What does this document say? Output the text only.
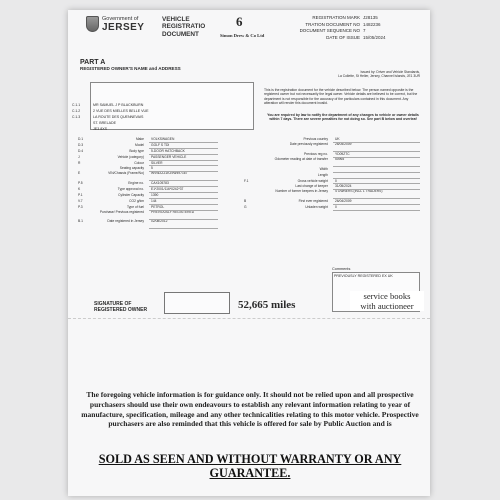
Government of
JERSEY
VEHICLE
REGISTRATIO
DOCUMENT
6
Simon Drew & Co Ltd
REGISTRATION MARK J28135
TRATION DOCUMENT NO 1482236
DOCUMENT SEQUENCE NO 7
DATE OF ISSUE 15/05/2024
PART A
REGISTERED OWNER'S NAME and ADDRESS
Issued by: Driver and Vehicle Standards,
La Collette, St Helier, Jersey, Channel Islands, JE1 3UR
C.1.1
C.1.2
C.1.3
MR SAMUEL J P BLACKBURN
2 VUE DES MIELLES BELLE VUE
LA ROUTE DES QUENNEVAIS
ST. BRELADE
JE3 8XS
This is the registration document for the vehicle described below. The person named opposite is the registered owner but not necessarily the legal owner. Vehicle details are believed to be correct, but the department is not responsible for the accuracy of the particulars contained in this document. Any alteration will render this document invalid.
You are required by law to notify the department of any changes to vehicle or owner details within 7 days. There are severe penalties for not doing so. See part B below and overleaf
D.1	Make	VOLKSWAGEN
D.3	Model	GOLF S TDI
D.4	Body type	5-DOOR HATCHBACK
J	Vehicle (category)	PASSENGER VEHICLE
R	Colour	SILVER
Seating capacity	5
E	VIN/Chassis (Frame/No)	WVWZZZ1KZ9W497167
P.5	Engine no.	CAX105783
K	Type approval no.	E1*2001/116*0242*37
P.1	Cylinder Capacity	1390
V.7	CO2 g/km	144
P.3	Type of fuel	PETROL
Purchase/ Previous registered	PREVIOUSLY REGISTERED
B.1	Date registered in Jersey	02/08/2012
Previous country	UK
Date previously registered	26/04/2009
Previous reg no.	YD09ZTC
Odometer reading at date of transfer	50965
Width
Length
F.1	Gross vehicle weight	0
Last change of keeper	31/05/2024
Number of former keepers in Jersey	4 OWNERS (INCL 1 TRADERS)
B	First ever registered	26/04/2009
G	Unladen weight	0
Comments
PREVIOUSLY REGISTERED EX UK
SIGNATURE OF
REGISTERED OWNER	52,665 miles
service books
with auctioneer
The foregoing vehicle information is for guidance only. It should not be relied upon and all prospective purchasers should use their own endeavours to establish any relevant information relating to year of manufacture, specification, mileage and any other technicalities relating to this motor vehicle. Prospective purchasers are also reminded that this vehicle is offered for sale by Public Auction and is
SOLD AS SEEN AND WITHOUT WARRANTY OR ANY GUARANTEE.
